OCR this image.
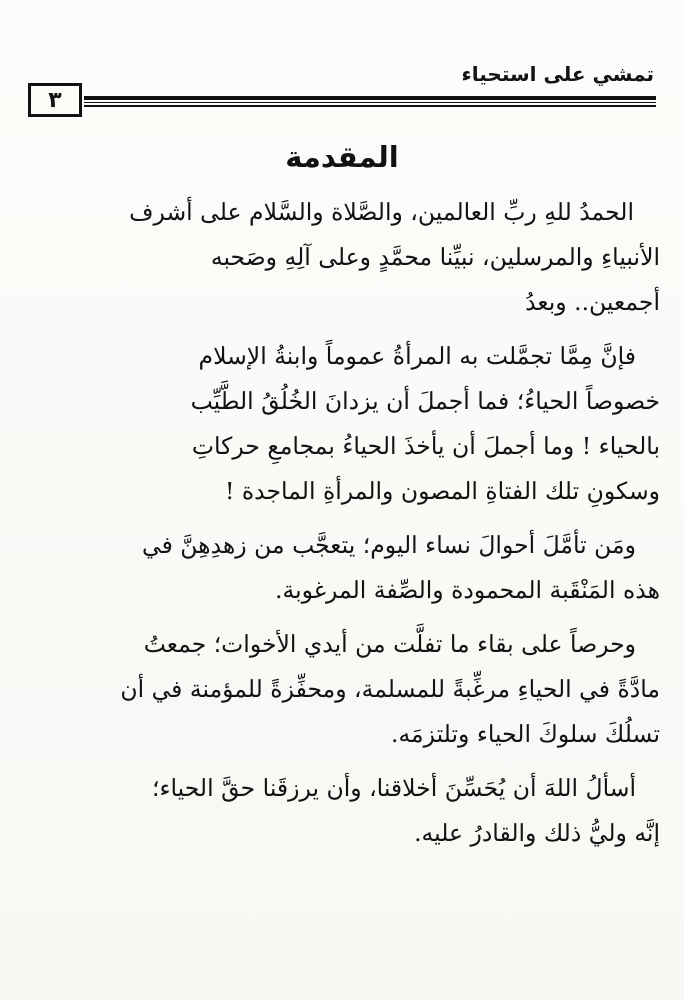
تمشي على استحياء
٣
المقدمة
الحمدُ للهِ ربِّ العالمين، والصَّلاة والسَّلام على أشرف
الأنبياءِ والمرسلين، نبيِّنا محمَّدٍ وعلى آلِهِ وصَحبه
أجمعين.. وبعدُ
فإنَّ مِمَّا تجمَّلت به المرأةُ عموماً وابنةُ الإسلام
خصوصاً الحياءُ؛ فما أجملَ أن يزدانَ الخُلُقُ الطَّيِّب
بالحياء ! وما أجملَ أن يأخذَ الحياءُ بمجامعِ حركاتِ
وسكونِ تلك الفتاةِ المصون والمرأةِ الماجدة !
ومَن تأمَّلَ أحوالَ نساء اليوم؛ يتعجَّب من زهدِهِنَّ في
هذه المَنْقَبة المحمودة والصِّفة المرغوبة.
وحرصاً على بقاء ما تفلَّت من أيدي الأخوات؛ جمعتُ
مادَّةً في الحياءِ مرغِّبةً للمسلمة، ومحفِّزةً للمؤمنة في أن
تسلُكَ سلوكَ الحياء وتلتزمَه.
أسألُ اللهَ أن يُحَسِّنَ أخلاقنا، وأن يرزقَنا حقَّ الحياء؛
إنَّه وليُّ ذلك والقادرُ عليه.
